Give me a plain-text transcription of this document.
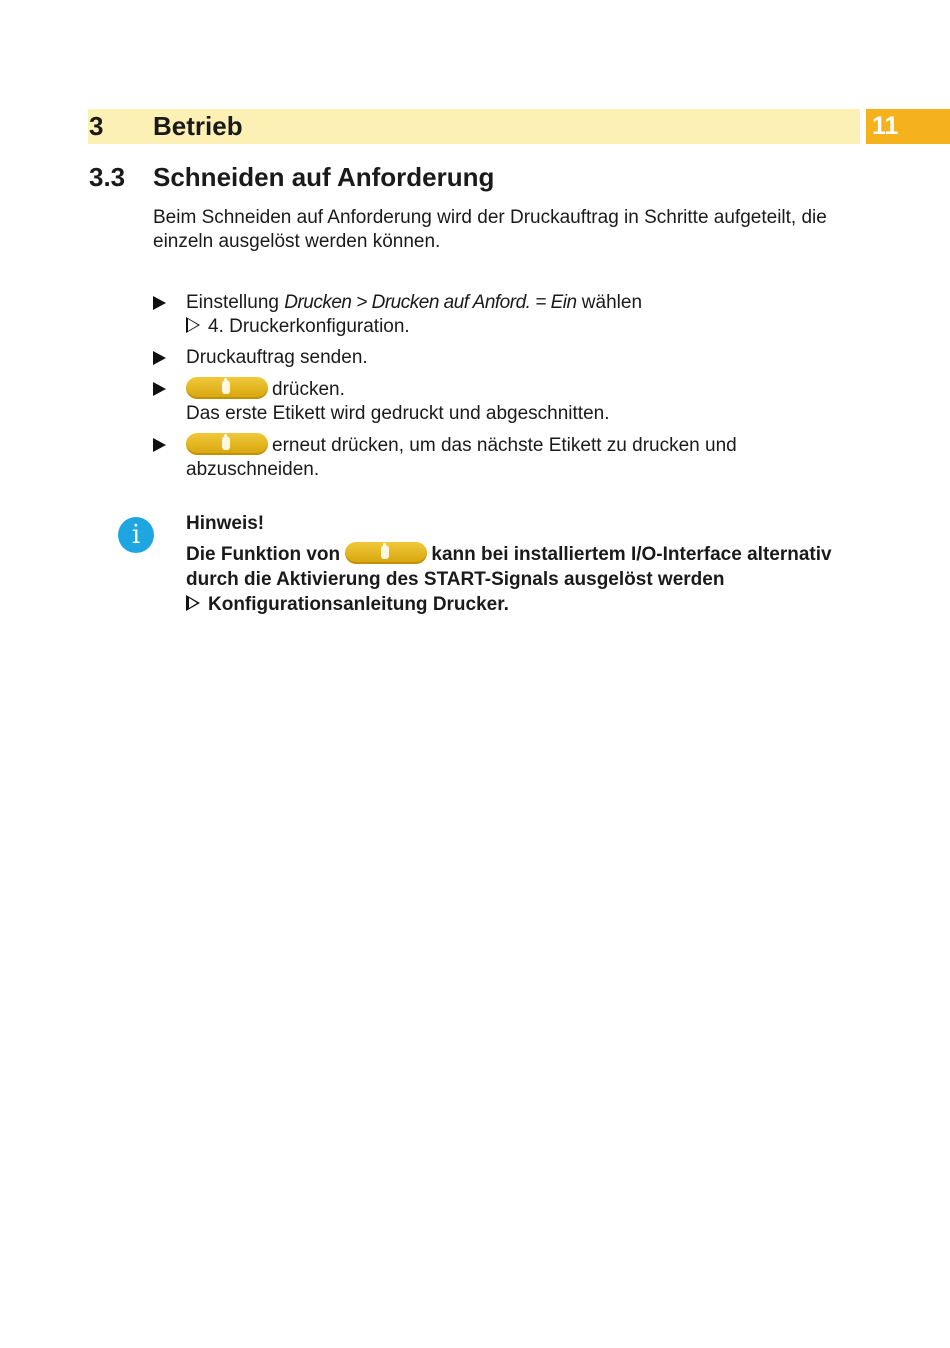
3 Betrieb	11
3.3 Schneiden auf Anforderung
Beim Schneiden auf Anforderung wird der Druckauftrag in Schritte aufgeteilt, die einzeln ausgelöst werden können.
Einstellung Drucken > Drucken auf Anford. = Ein wählen
4. Druckerkonfiguration.
Druckauftrag senden.
drücken.
Das erste Etikett wird gedruckt und abgeschnitten.
erneut drücken, um das nächste Etikett zu drucken und abzuschneiden.
i	Hinweis!
Die Funktion von	kann bei installiertem I/O-Interface alternativ durch die Aktivierung des START-Signals ausgelöst werden
Konfigurationsanleitung Drucker.
